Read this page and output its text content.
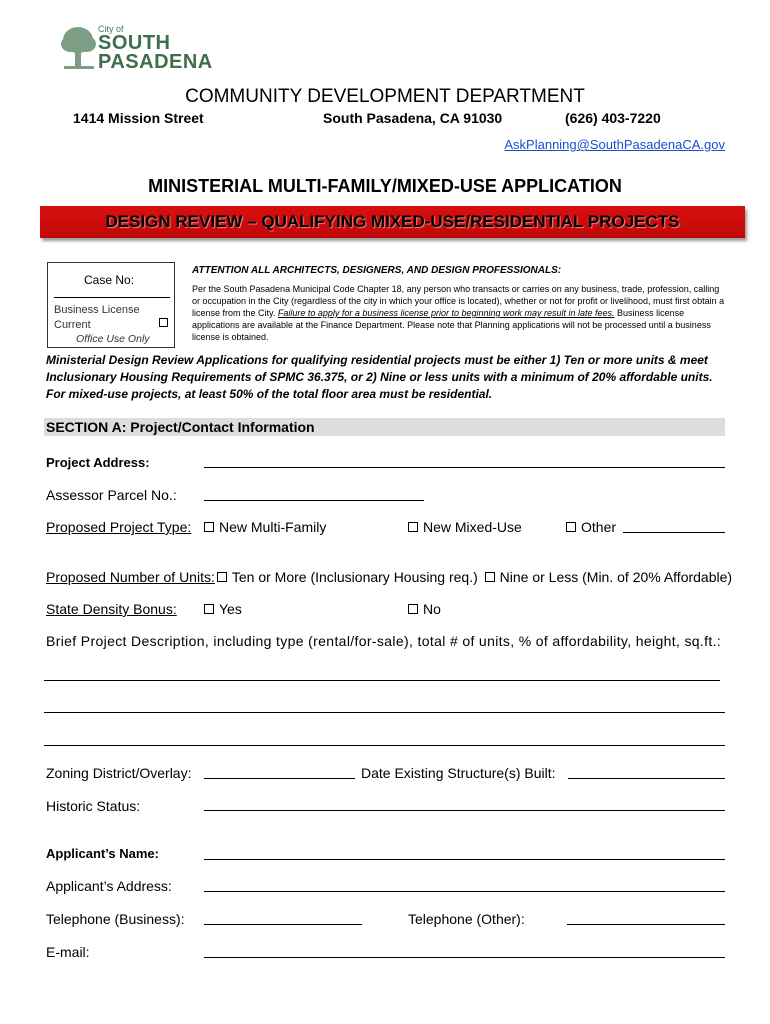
City of
SOUTH
PASADENA
COMMUNITY DEVELOPMENT DEPARTMENT
1414 Mission Street	South Pasadena, CA 91030	(626) 403-7220
AskPlanning@SouthPasadenaCA.gov
MINISTERIAL MULTI-FAMILY/MIXED-USE APPLICATION
DESIGN REVIEW – QUALIFYING MIXED-USE/RESIDENTIAL PROJECTS
Case No:
Business License
Current
Office Use Only
ATTENTION ALL ARCHITECTS, DESIGNERS, AND DESIGN PROFESSIONALS:
Per the South Pasadena Municipal Code Chapter 18, any person who transacts or carries on any business, trade, profession, calling or occupation in the City (regardless of the city in which your office is located), whether or not for profit or livelihood, must first obtain a license from the City. Failure to apply for a business license prior to beginning work may result in late fees. Business license applications are available at the Finance Department. Please note that Planning applications will not be processed until a business license is obtained.
Ministerial Design Review Applications for qualifying residential projects must be either 1) Ten or more units & meet Inclusionary Housing Requirements of SPMC 36.375, or 2) Nine or less units with a minimum of 20% affordable units. For mixed-use projects, at least 50% of the total floor area must be residential.
SECTION A: Project/Contact Information
Project Address:
Assessor Parcel No.:
Proposed Project Type:	New Multi-Family	New Mixed-Use	Other
Proposed Number of Units: Ten or More (Inclusionary Housing req.) Nine or Less (Min. of 20% Affordable)
State Density Bonus:	Yes	No
Brief Project Description, including type (rental/for-sale), total # of units, % of affordability, height, sq.ft.:
Zoning District/Overlay:	Date Existing Structure(s) Built:
Historic Status:
Applicant’s Name:
Applicant’s Address:
Telephone (Business):	Telephone (Other):
E-mail:
